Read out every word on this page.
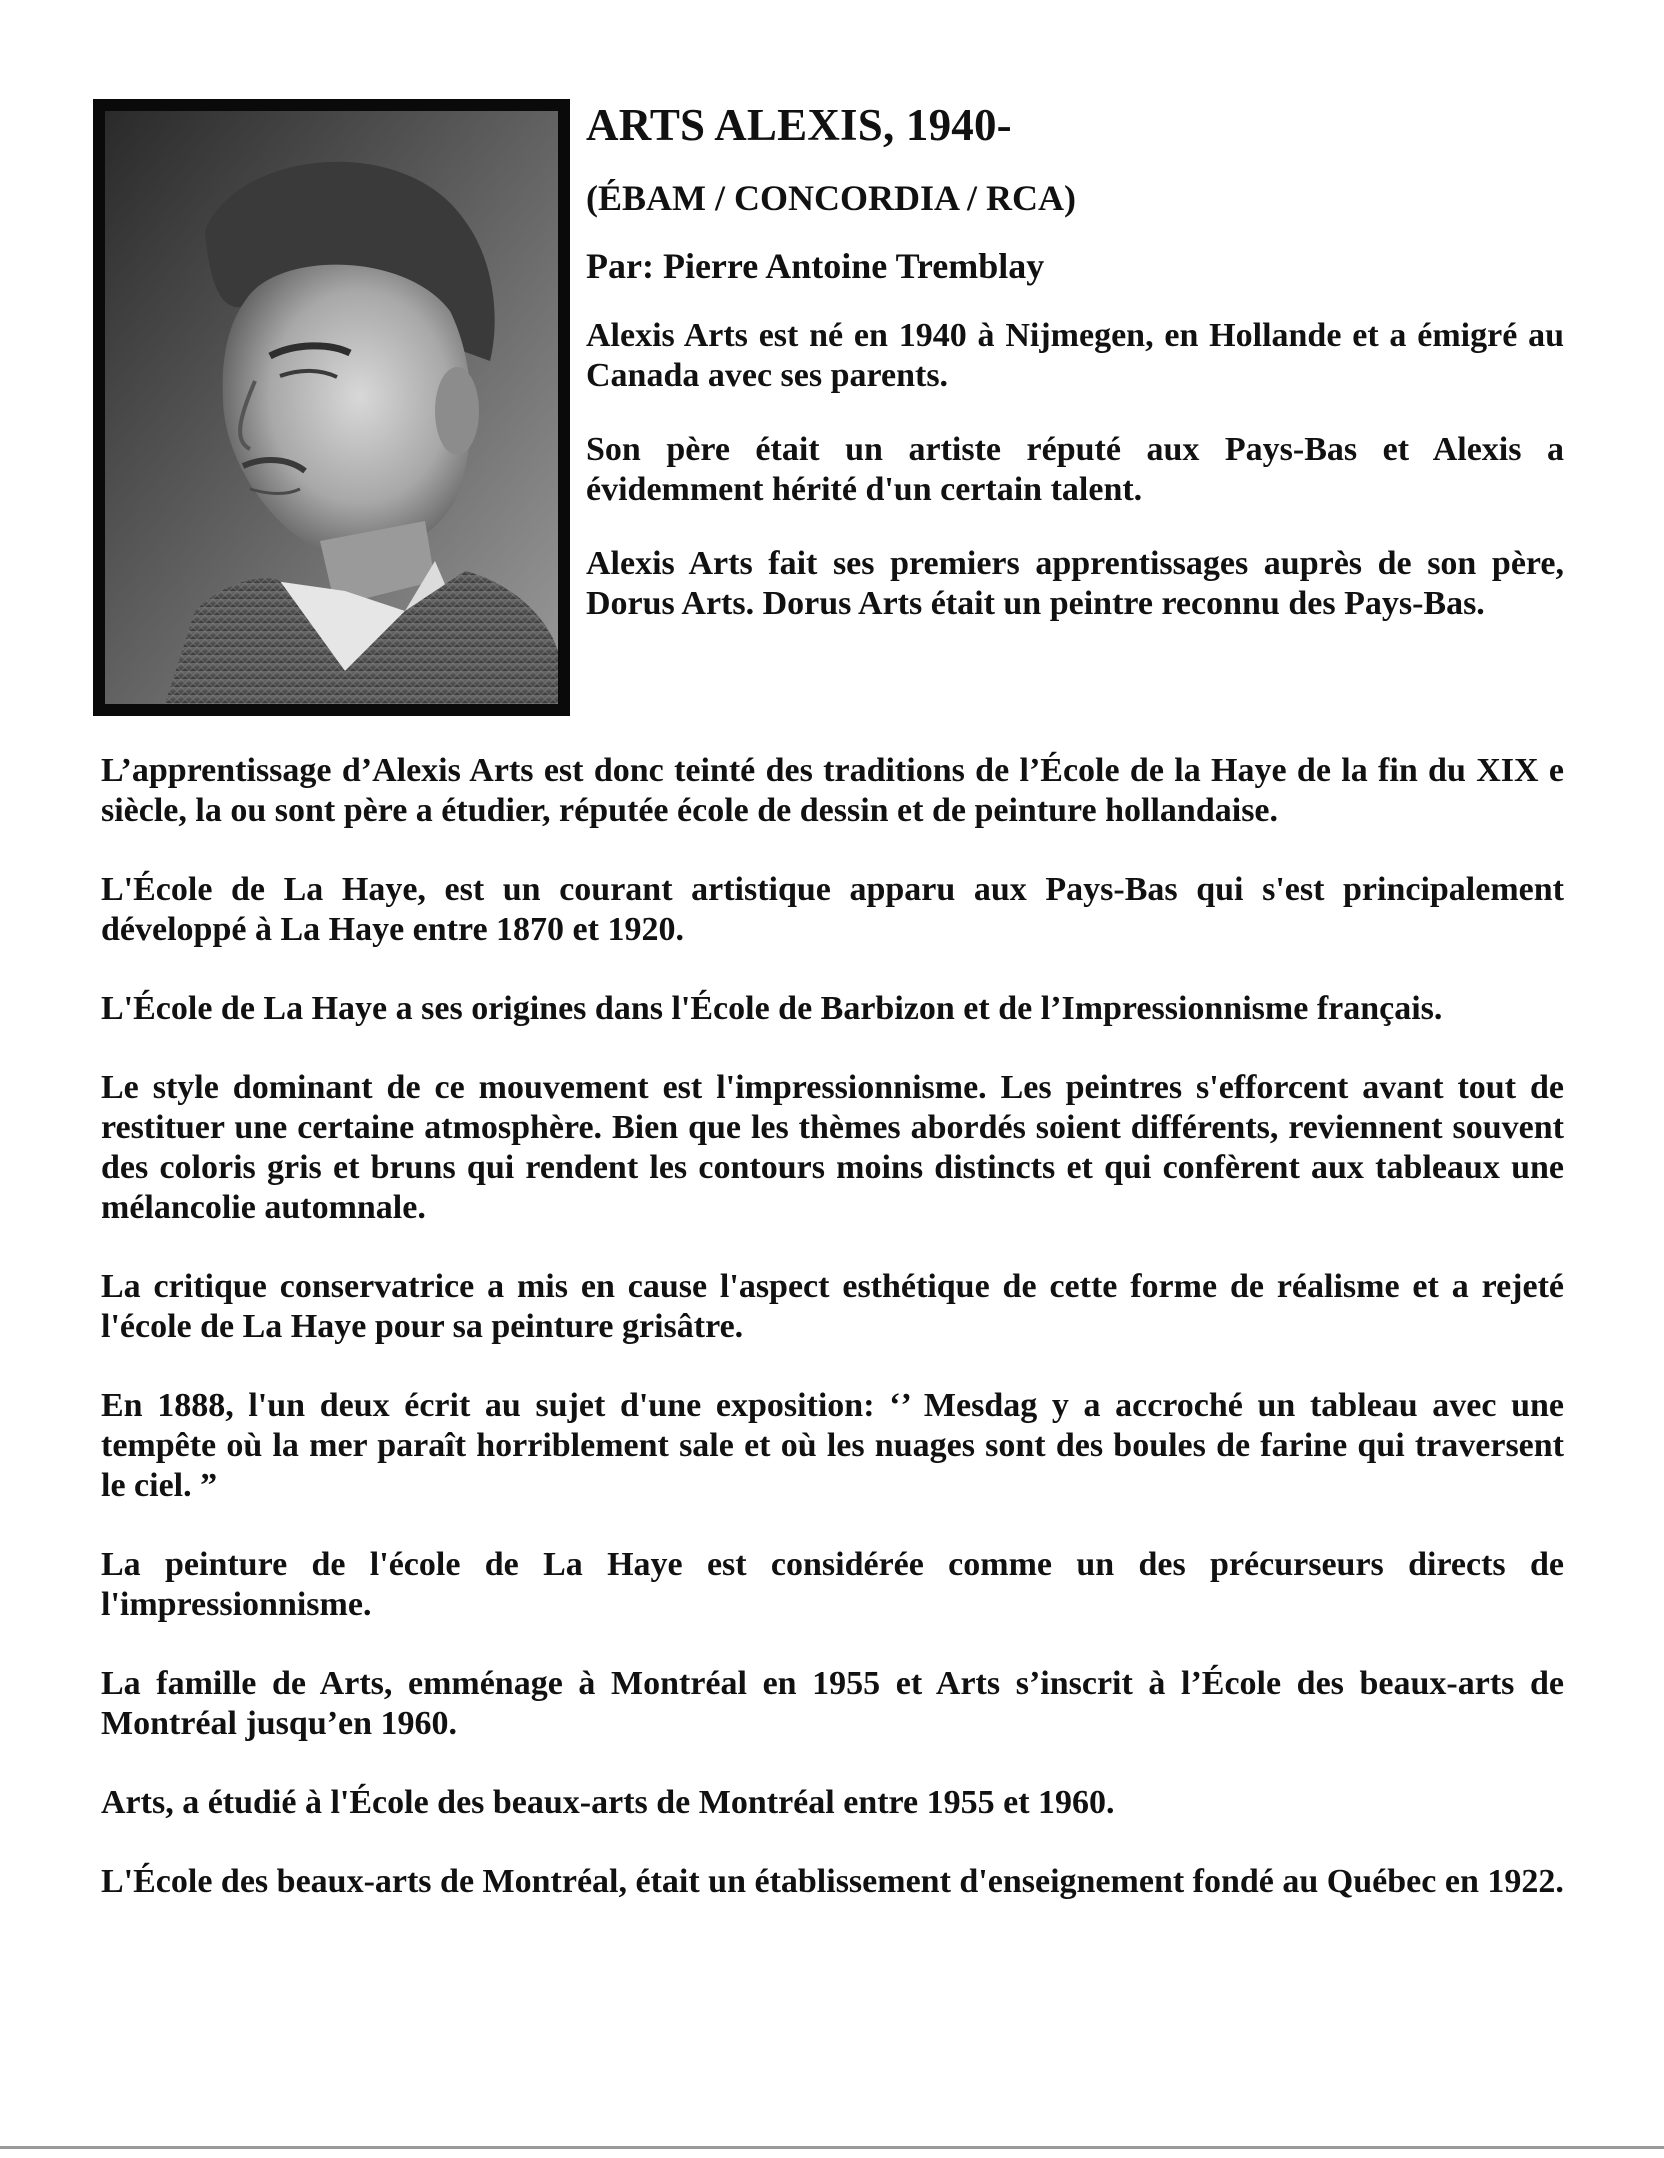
ARTS ALEXIS, 1940-
(ÉBAM / CONCORDIA / RCA)
Par: Pierre Antoine Tremblay

Alexis Arts est né en 1940 à Nijmegen, en Hollande et a émigré au Canada avec ses parents.

Son père était un artiste réputé aux Pays-Bas et Alexis a évidemment hérité d'un certain talent.

Alexis Arts fait ses premiers apprentissages auprès de son père, Dorus Arts. Dorus Arts était un peintre reconnu des Pays-Bas.

L’apprentissage d’Alexis Arts est donc teinté des traditions de l’École de la Haye de la fin du XIX e siècle, la ou sont père a étudier, réputée école de dessin et de peinture hollandaise.

L'École de La Haye, est un courant artistique apparu aux Pays-Bas qui s'est principalement développé à La Haye entre 1870 et 1920.

L'École de La Haye a ses origines dans l'École de Barbizon et de l’Impressionnisme français.

Le style dominant de ce mouvement est l'impressionnisme. Les peintres s'efforcent avant tout de restituer une certaine atmosphère. Bien que les thèmes abordés soient différents, reviennent souvent des coloris gris et bruns qui rendent les contours moins distincts et qui confèrent aux tableaux une mélancolie automnale.

La critique conservatrice a mis en cause l'aspect esthétique de cette forme de réalisme et a rejeté l'école de La Haye pour sa peinture grisâtre.

En 1888, l'un deux écrit au sujet d'une exposition: ‘’ Mesdag y a accroché un tableau avec une tempête où la mer paraît horriblement sale et où les nuages sont des boules de farine qui traversent le ciel. ”

La peinture de l'école de La Haye est considérée comme un des précurseurs directs de l'impressionnisme.

La famille de Arts, emménage à Montréal en 1955 et Arts s’inscrit à l’École des beaux-arts de Montréal jusqu’en 1960.

Arts, a étudié à l'École des beaux-arts de Montréal entre 1955 et 1960.

L'École des beaux-arts de Montréal, était un établissement d'enseignement fondé au Québec en 1922.
